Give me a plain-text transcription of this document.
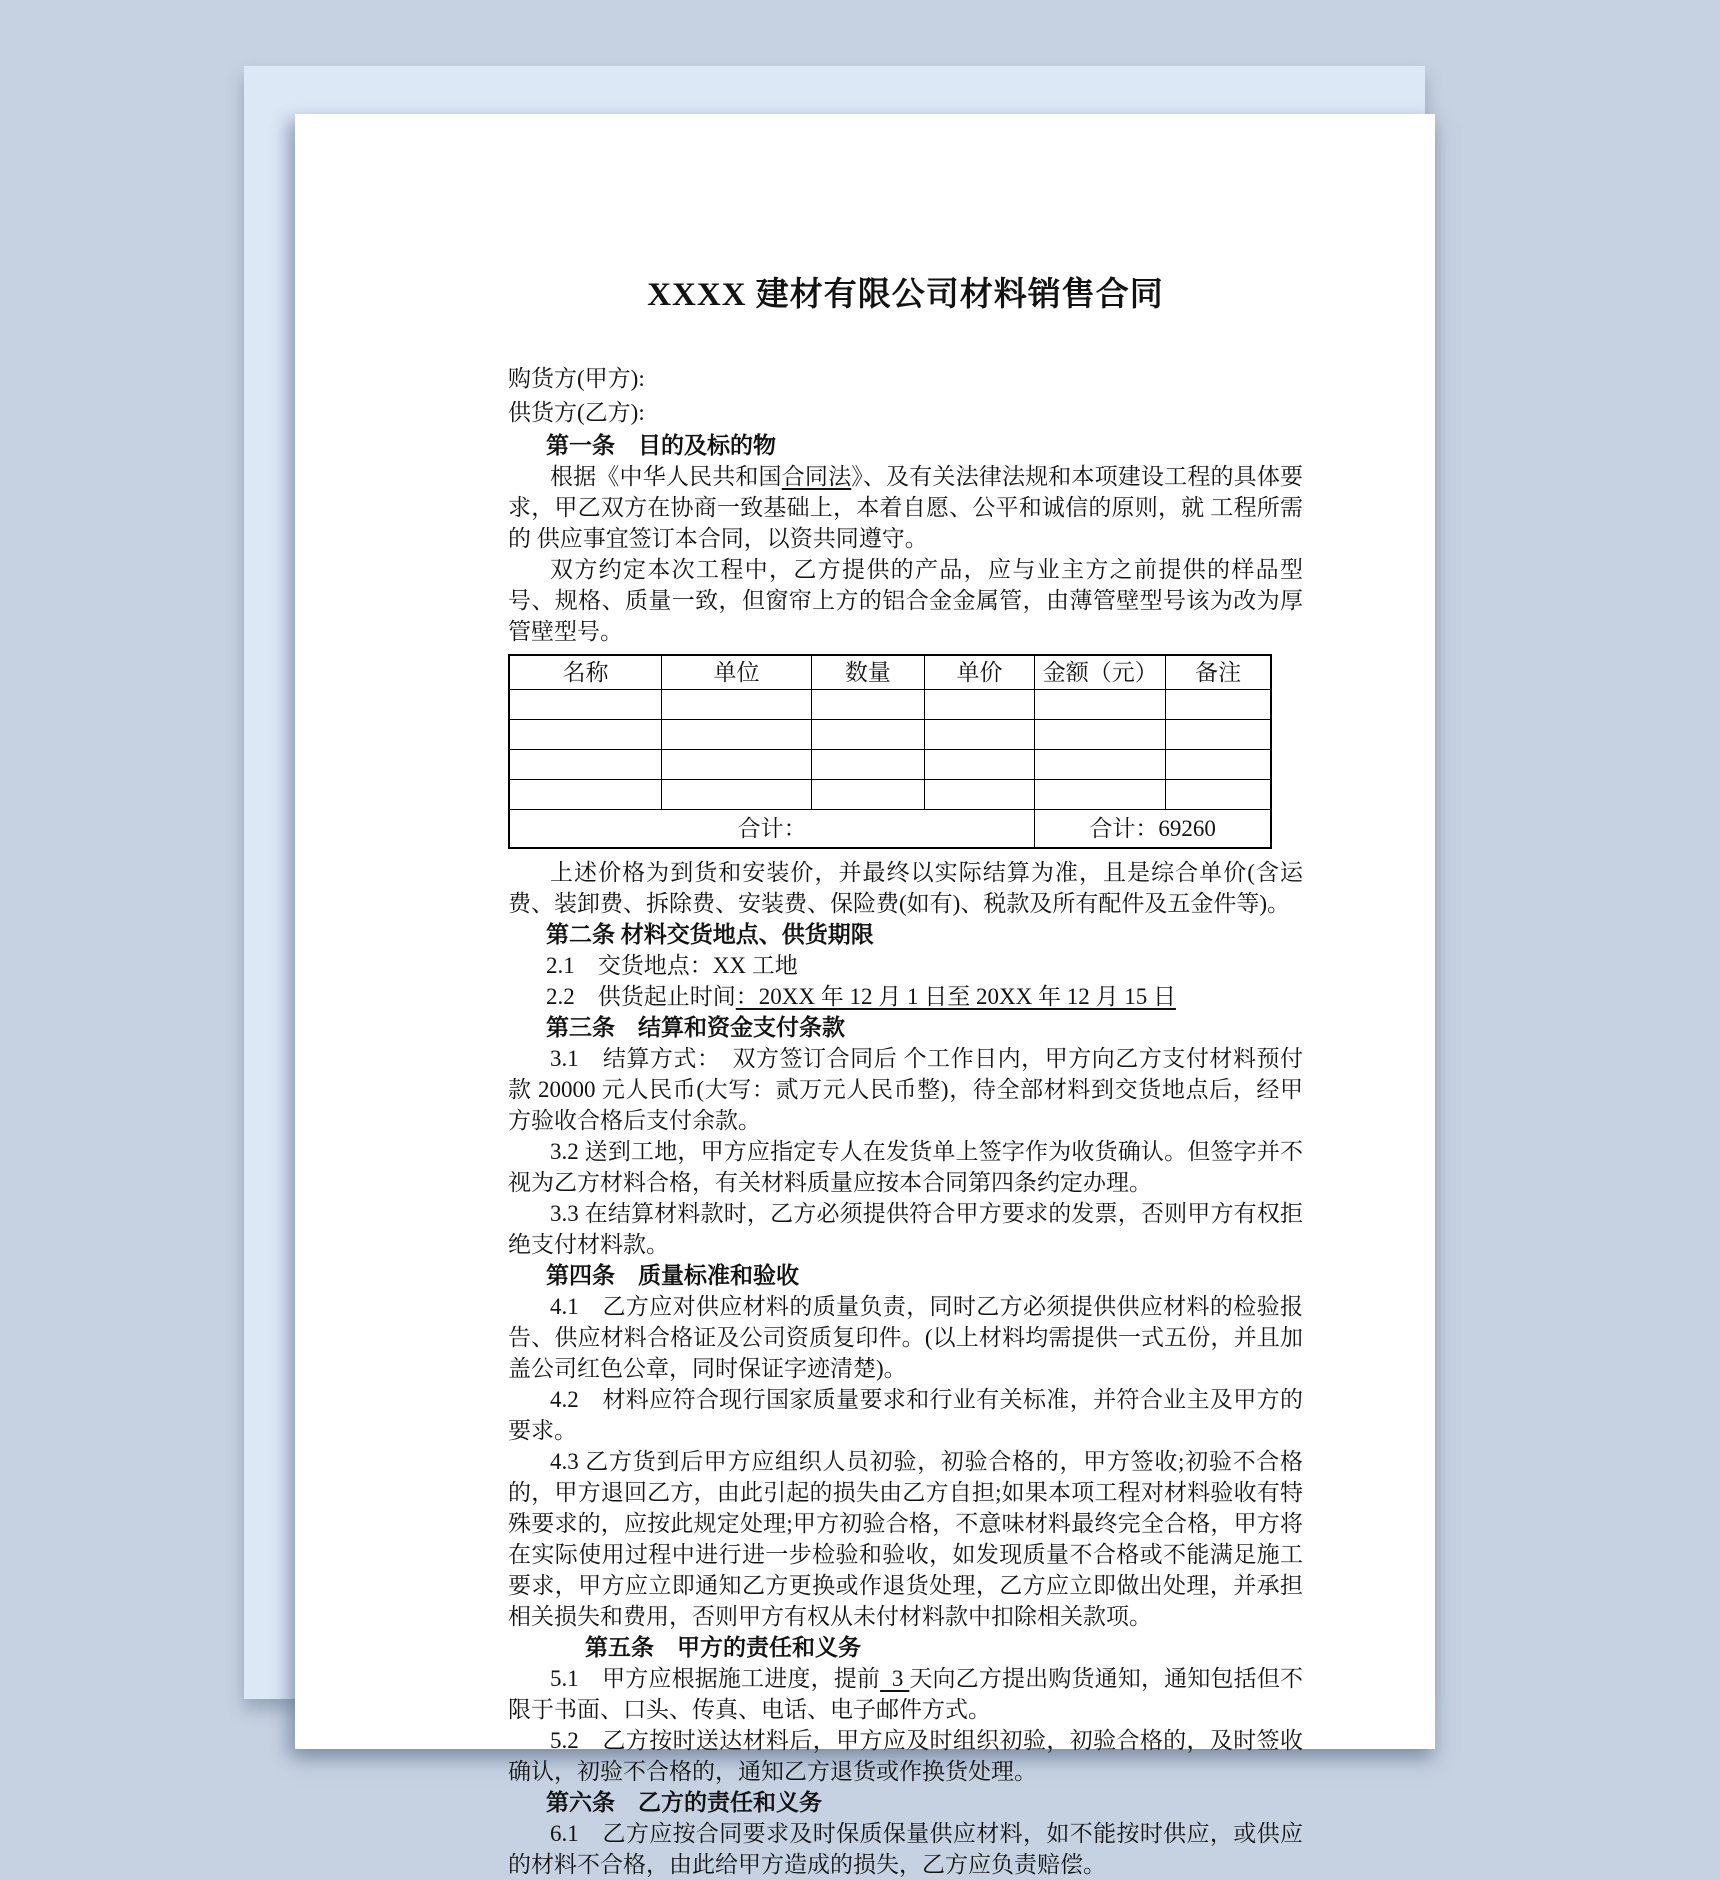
XXXX 建材有限公司材料销售合同

购货方(甲方):

供货方(乙方):

第一条　目的及标的物

根据《中华人民共和国合同法》、及有关法律法规和本项建设工程的具体要求，甲乙双方在协商一致基础上，本着自愿、公平和诚信的原则，就 工程所需的 供应事宜签订本合同，以资共同遵守。

双方约定本次工程中，乙方提供的产品，应与业主方之前提供的样品型号、规格、质量一致，但窗帘上方的铝合金金属管，由薄管壁型号该为改为厚管壁型号。

名称	单位	数量	单价	金额（元）	备注

合计：				合计：69260	

上述价格为到货和安装价，并最终以实际结算为准，且是综合单价(含运费、装卸费、拆除费、安装费、保险费(如有)、税款及所有配件及五金件等)。

第二条 材料交货地点、供货期限

2.1　交货地点：XX 工地

2.2　供货起止时间：20XX 年 12 月 1 日至 20XX 年 12 月 15 日

第三条　结算和资金支付条款

3.1　结算方式：　双方签订合同后 个工作日内，甲方向乙方支付材料预付款 20000 元人民币(大写：贰万元人民币整)，待全部材料到交货地点后，经甲方验收合格后支付余款。

3.2 送到工地，甲方应指定专人在发货单上签字作为收货确认。但签字并不视为乙方材料合格，有关材料质量应按本合同第四条约定办理。

3.3 在结算材料款时，乙方必须提供符合甲方要求的发票，否则甲方有权拒绝支付材料款。

第四条　质量标准和验收

4.1　乙方应对供应材料的质量负责，同时乙方必须提供供应材料的检验报告、供应材料合格证及公司资质复印件。(以上材料均需提供一式五份，并且加盖公司红色公章，同时保证字迹清楚)。

4.2　材料应符合现行国家质量要求和行业有关标准，并符合业主及甲方的要求。

4.3 乙方货到后甲方应组织人员初验，初验合格的，甲方签收;初验不合格的，甲方退回乙方，由此引起的损失由乙方自担;如果本项工程对材料验收有特殊要求的，应按此规定处理;甲方初验合格，不意味材料最终完全合格，甲方将在实际使用过程中进行进一步检验和验收，如发现质量不合格或不能满足施工要求，甲方应立即通知乙方更换或作退货处理，乙方应立即做出处理，并承担相关损失和费用，否则甲方有权从未付材料款中扣除相关款项。

第五条　甲方的责任和义务

5.1　甲方应根据施工进度，提前  3 天向乙方提出购货通知，通知包括但不限于书面、口头、传真、电话、电子邮件方式。

5.2　乙方按时送达材料后，甲方应及时组织初验，初验合格的，及时签收确认，初验不合格的，通知乙方退货或作换货处理。

第六条　乙方的责任和义务

6.1　乙方应按合同要求及时保质保量供应材料，如不能按时供应，或供应的材料不合格，由此给甲方造成的损失，乙方应负责赔偿。
